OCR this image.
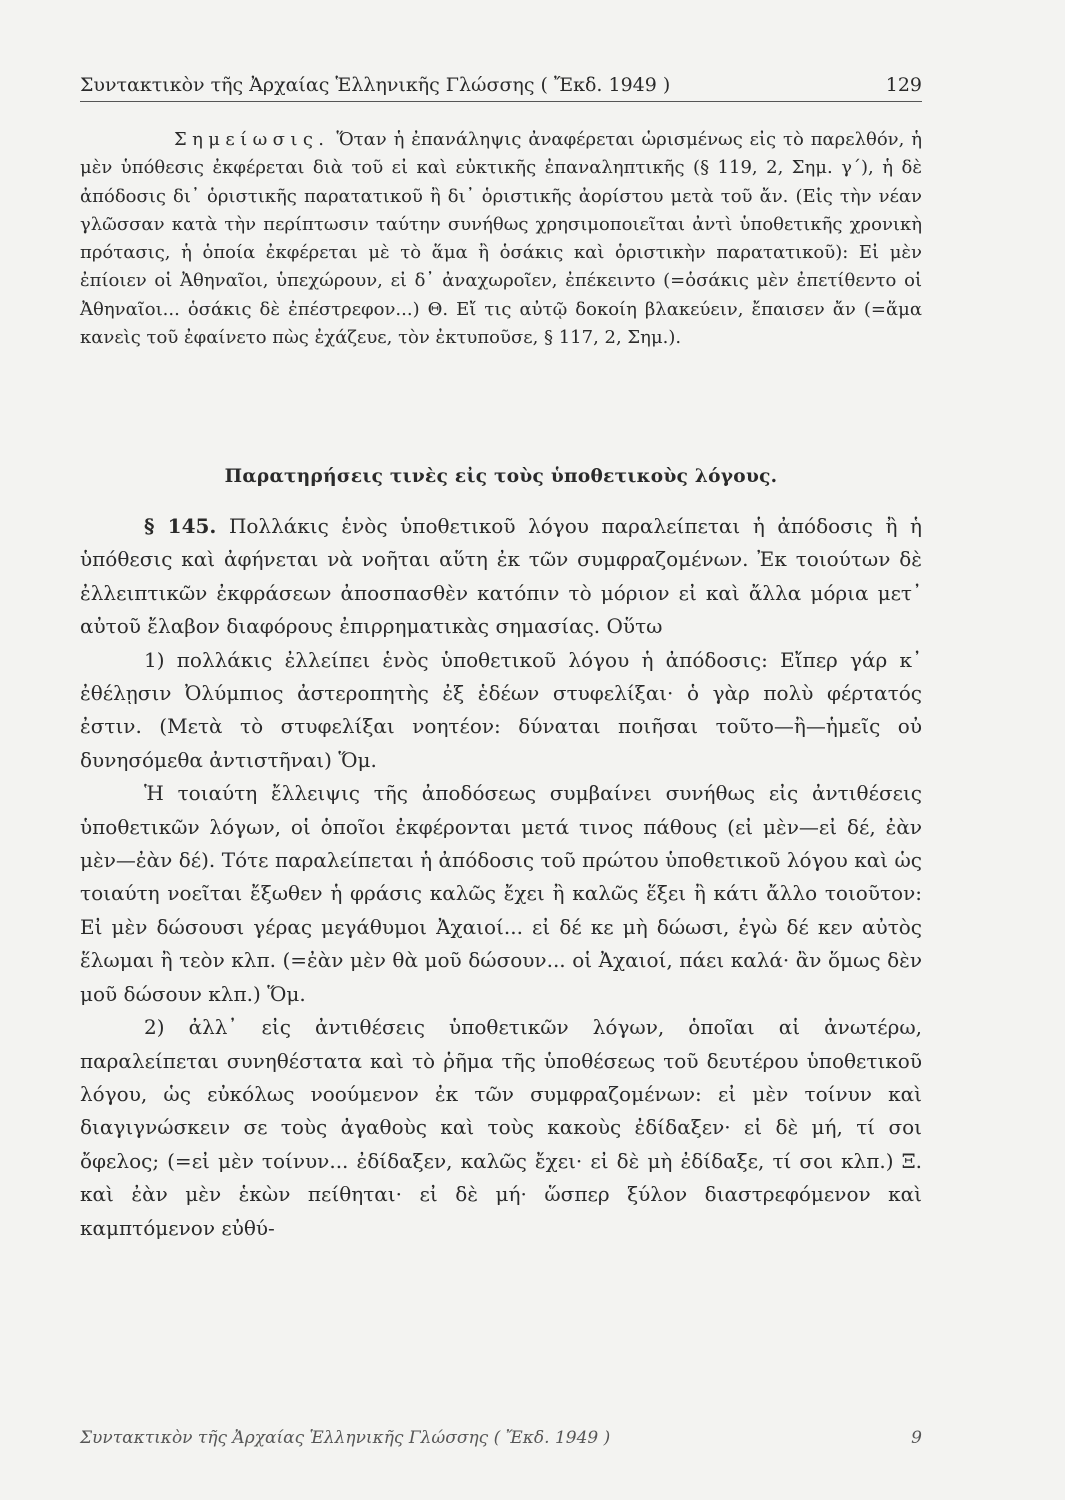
Συντακτικὸν τῆς Ἀρχαίας Ἑλληνικῆς Γλώσσης ( Ἔκδ. 1949 )	129

Σημείωσις. Ὅταν ἡ ἐπανάληψις ἀναφέρεται ὡρισμένως εἰς τὸ παρελθόν, ἡ μὲν ὑπόθεσις ἐκφέρεται διὰ τοῦ εἰ καὶ εὐκτικῆς ἐπαναληπτικῆς (§ 119, 2, Σημ. γ΄), ἡ δὲ ἀπόδοσις δι᾽ ὁριστικῆς παρατατικοῦ ἢ δι᾽ ὁριστικῆς ἀορίστου μετὰ τοῦ ἄν. (Εἰς τὴν νέαν γλῶσσαν κατὰ τὴν περίπτωσιν ταύτην συνήθως χρησιμοποιεῖται ἀντὶ ὑποθετικῆς χρονικὴ πρότασις, ἡ ὁποία ἐκφέρεται μὲ τὸ ἅμα ἢ ὁσάκις καὶ ὁριστικὴν παρατατικοῦ): Εἰ μὲν ἐπίοιεν οἱ Ἀθηναῖοι, ὑπεχώρουν, εἰ δ᾽ ἀναχωροῖεν, ἐπέκειντο (=ὁσάκις μὲν ἐπετίθεντο οἱ Ἀθηναῖοι... ὁσάκις δὲ ἐπέστρεφον...) Θ. Εἴ τις αὐτῷ δοκοίη βλακεύειν, ἔπαισεν ἄν (=ἅμα κανεὶς τοῦ ἐφαίνετο πὼς ἐχάζευε, τὸν ἐκτυποῦσε, § 117, 2, Σημ.).

Παρατηρήσεις τινὲς εἰς τοὺς ὑποθετικοὺς λόγους.

§ 145. Πολλάκις ἑνὸς ὑποθετικοῦ λόγου παραλείπεται ἡ ἀπόδοσις ἢ ἡ ὑπόθεσις καὶ ἀφήνεται νὰ νοῆται αὕτη ἐκ τῶν συμφραζομένων. Ἐκ τοιούτων δὲ ἐλλειπτικῶν ἐκφράσεων ἀποσπασθὲν κατόπιν τὸ μόριον εἰ καὶ ἄλλα μόρια μετ᾽ αὐτοῦ ἔλαβον διαφόρους ἐπιρρηματικὰς σημασίας. Οὕτω

1) πολλάκις ἐλλείπει ἑνὸς ὑποθετικοῦ λόγου ἡ ἀπόδοσις: Εἴπερ γάρ κ᾽ ἐθέλῃσιν Ὀλύμπιος ἀστεροπητὴς ἐξ ἑδέων στυφελίξαι· ὁ γὰρ πολὺ φέρτατός ἐστιν. (Μετὰ τὸ στυφελίξαι νοητέον: δύναται ποιῆσαι τοῦτο—ἢ—ἡμεῖς οὐ δυνησόμεθα ἀντιστῆναι) Ὅμ.

Ἡ τοιαύτη ἔλλειψις τῆς ἀποδόσεως συμβαίνει συνήθως εἰς ἀντιθέσεις ὑποθετικῶν λόγων, οἱ ὁποῖοι ἐκφέρονται μετά τινος πάθους (εἰ μὲν—εἰ δέ, ἐὰν μὲν—ἐὰν δέ). Τότε παραλείπεται ἡ ἀπόδοσις τοῦ πρώτου ὑποθετικοῦ λόγου καὶ ὡς τοιαύτη νοεῖται ἔξωθεν ἡ φράσις καλῶς ἔχει ἢ καλῶς ἕξει ἢ κάτι ἄλλο τοιοῦτον: Εἰ μὲν δώσουσι γέρας μεγάθυμοι Ἀχαιοί... εἰ δέ κε μὴ δώωσι, ἐγὼ δέ κεν αὐτὸς ἕλωμαι ἢ τεὸν κλπ. (=ἐὰν μὲν θὰ μοῦ δώσουν... οἱ Ἀχαιοί, πάει καλά· ἂν ὅμως δὲν μοῦ δώσουν κλπ.) Ὅμ.

2) ἀλλ᾽ εἰς ἀντιθέσεις ὑποθετικῶν λόγων, ὁποῖαι αἱ ἀνωτέρω, παραλείπεται συνηθέστατα καὶ τὸ ῥῆμα τῆς ὑποθέσεως τοῦ δευτέρου ὑποθετικοῦ λόγου, ὡς εὐκόλως νοούμενον ἐκ τῶν συμφραζομένων: εἰ μὲν τοίνυν καὶ διαγιγνώσκειν σε τοὺς ἀγαθοὺς καὶ τοὺς κακοὺς ἐδίδαξεν· εἰ δὲ μή, τί σοι ὄφελος; (=εἰ μὲν τοίνυν... ἐδίδαξεν, καλῶς ἔχει· εἰ δὲ μὴ ἐδίδαξε, τί σοι κλπ.) Ξ. καὶ ἐὰν μὲν ἑκὼν πείθηται· εἰ δὲ μή· ὥσπερ ξύλον διαστρεφόμενον καὶ καμπτόμενον εὐθύ-

Συντακτικὸν τῆς Ἀρχαίας Ἑλληνικῆς Γλώσσης ( Ἔκδ. 1949 )	9
